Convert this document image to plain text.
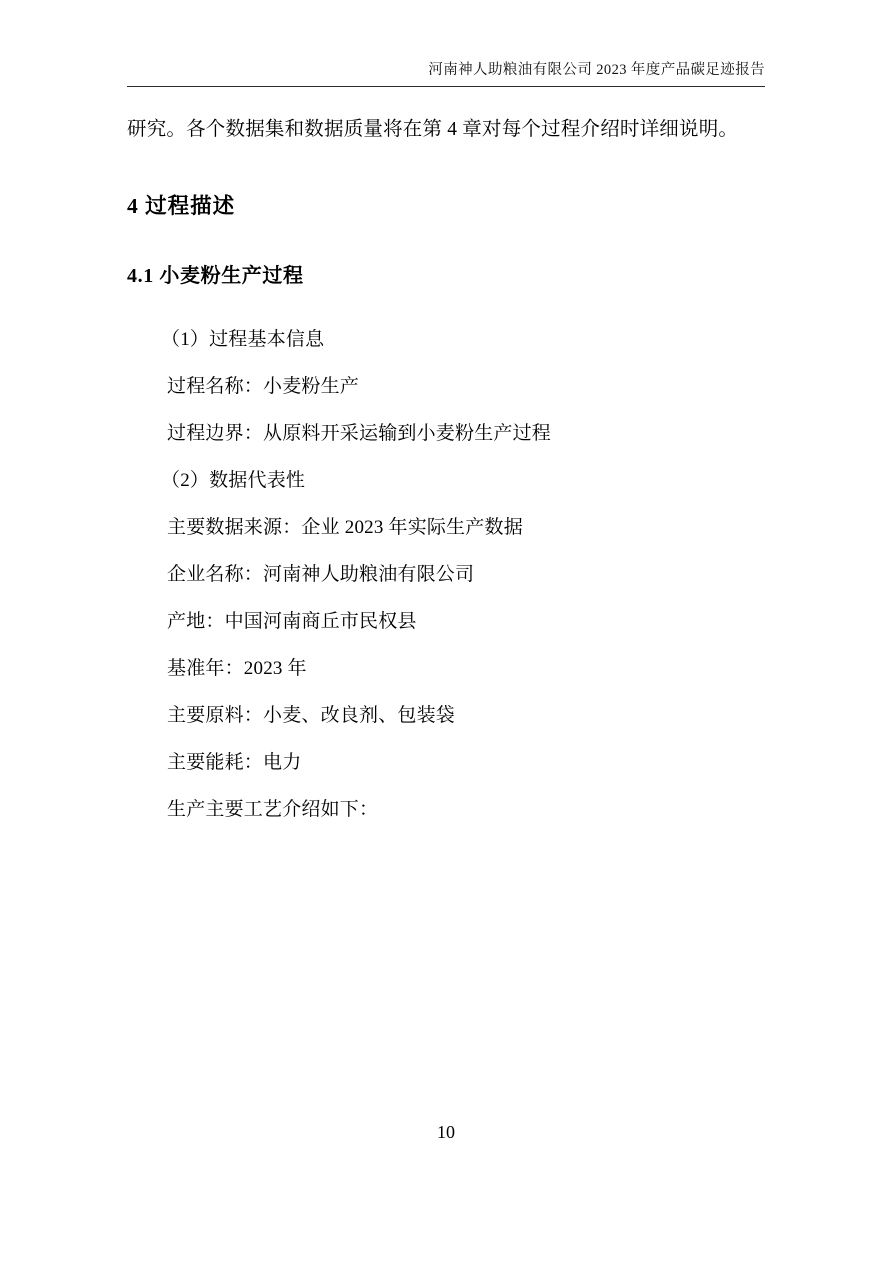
河南神人助粮油有限公司 2023 年度产品碳足迹报告

研究。各个数据集和数据质量将在第 4 章对每个过程介绍时详细说明。

4 过程描述
4.1 小麦粉生产过程

（1）过程基本信息

过程名称：小麦粉生产

过程边界：从原料开采运输到小麦粉生产过程

（2）数据代表性

主要数据来源：企业 2023 年实际生产数据

企业名称：河南神人助粮油有限公司

产地：中国河南商丘市民权县

基准年：2023 年

主要原料：小麦、改良剂、包装袋

主要能耗：电力

生产主要工艺介绍如下：

10
